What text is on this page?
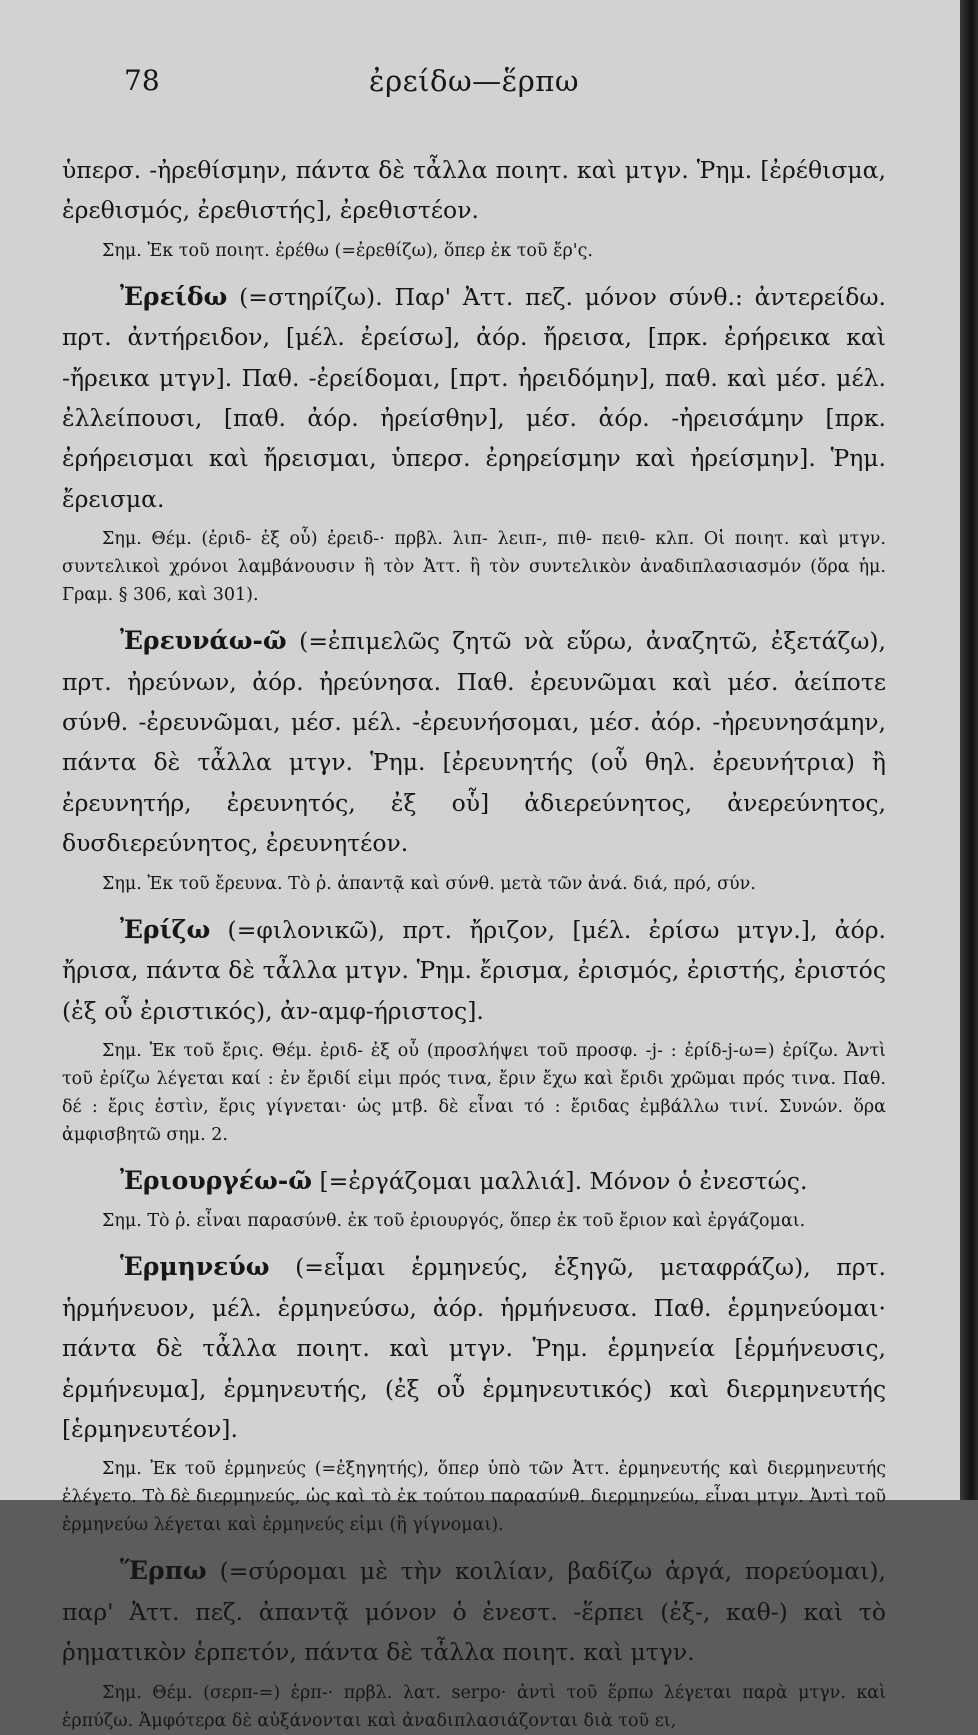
78	ἐρείδω—ἕρπω

ὑπερσ. -ἠρεθίσμην, πάντα δὲ τἆλλα ποιητ. καὶ μτγν. Ῥημ. [ἐρέθισμα, ἐρεθισμός, ἐρεθιστής], ἐρεθιστέον.

Σημ. Ἐκ τοῦ ποιητ. ἐρέθω (=ἐρεθίζω), ὅπερ ἐκ τοῦ ἔρ'ς.

Ἐρείδω (=στηρίζω). Παρ' Ἀττ. πεζ. μόνον σύνθ.: ἀντερείδω. πρτ. ἀντήρειδον, [μέλ. ἐρείσω], ἀόρ. ἤρεισα, [πρκ. ἐρήρεικα καὶ -ἤρεικα μτγν]. Παθ. -ἐρείδομαι, [πρτ. ἠρειδόμην], παθ. καὶ μέσ. μέλ. ἐλλείπουσι, [παθ. ἀόρ. ἠρείσθην], μέσ. ἀόρ. -ἠρεισάμην [πρκ. ἐρήρεισμαι καὶ ἤρεισμαι, ὑπερσ. ἐρηρείσμην καὶ ἠρείσμην]. Ῥημ. ἔρεισμα.

Σημ. Θέμ. (ἐριδ- ἐξ οὗ) ἐρειδ-· πρβλ. λιπ- λειπ-, πιθ- πειθ- κλπ. Οἱ ποιητ. καὶ μτγν. συντελικοὶ χρόνοι λαμβάνουσιν ἢ τὸν Ἀττ. ἢ τὸν συντελικὸν ἀναδιπλασιασμόν (ὅρα ἡμ. Γραμ. § 306, καὶ 301).

Ἐρευνάω-ῶ (=ἐπιμελῶς ζητῶ νὰ εὕρω, ἀναζητῶ, ἐξετάζω), πρτ. ἠρεύνων, ἀόρ. ἠρεύνησα. Παθ. ἐρευνῶμαι καὶ μέσ. ἀείποτε σύνθ. -ἐρευνῶμαι, μέσ. μέλ. -ἐρευνήσομαι, μέσ. ἀόρ. -ἠρευνησάμην, πάντα δὲ τἆλλα μτγν. Ῥημ. [ἐρευνητής (οὗ θηλ. ἐρευνήτρια) ἢ ἐρευνητήρ, ἐρευνητός, ἐξ οὗ] ἀδιερεύνητος, ἀνερεύνητος, δυσδιερεύνητος, ἐρευνητέον.

Σημ. Ἐκ τοῦ ἔρευνα. Τὸ ῥ. ἀπαντᾷ καὶ σύνθ. μετὰ τῶν ἀνά. διά, πρό, σύν.

Ἐρίζω (=φιλονικῶ), πρτ. ἤριζον, [μέλ. ἐρίσω μτγν.], ἀόρ. ἤρισα, πάντα δὲ τἆλλα μτγν. Ῥημ. ἔρισμα, ἐρισμός, ἐριστής, ἐριστός (ἐξ οὗ ἐριστικός), ἀν-αμφ-ήριστος].

Σημ. Ἐκ τοῦ ἔρις. Θέμ. ἐριδ- ἐξ οὗ (προσλήψει τοῦ προσφ. -j- : ἐρίδ-j-ω=) ἐρίζω. Ἀντὶ τοῦ ἐρίζω λέγεται καί : ἐν ἔριδί εἰμι πρός τινα, ἔριν ἔχω καὶ ἔριδι χρῶμαι πρός τινα. Παθ. δέ : ἔρις ἐστὶν, ἔρις γίγνεται· ὡς μτβ. δὲ εἶναι τό : ἔριδας ἐμβάλλω τινί. Συνών. ὅρα ἀμφισβητῶ σημ. 2.

Ἐριουργέω-ῶ [=ἐργάζομαι μαλλιά]. Μόνον ὁ ἐνεστώς.

Σημ. Τὸ ῥ. εἶναι παρασύνθ. ἐκ τοῦ ἐριουργός, ὅπερ ἐκ τοῦ ἔριον καὶ ἐργάζομαι.

Ἑρμηνεύω (=εἶμαι ἑρμηνεύς, ἐξηγῶ, μεταφράζω), πρτ. ἡρμήνευον, μέλ. ἑρμηνεύσω, ἀόρ. ἡρμήνευσα. Παθ. ἑρμηνεύομαι· πάντα δὲ τἆλλα ποιητ. καὶ μτγν. Ῥημ. ἑρμηνεία [ἑρμήνευσις, ἑρμήνευμα], ἑρμηνευτής, (ἐξ οὗ ἑρμηνευτικός) καὶ διερμηνευτής [ἑρμηνευτέον].

Σημ. Ἐκ τοῦ ἑρμηνεύς (=ἐξηγητής), ὅπερ ὑπὸ τῶν Ἀττ. ἑρμηνευτής καὶ διερμηνευτής ἐλέγετο. Τὸ δὲ διερμηνεύς, ὡς καὶ τὸ ἐκ τούτου παρασύνθ. διερμηνεύω, εἶναι μτγν. Ἀντὶ τοῦ ἑρμηνεύω λέγεται καὶ ἑρμηνεύς εἰμι (ἢ γίγνομαι).

Ἕρπω (=σύρομαι μὲ τὴν κοιλίαν, βαδίζω ἀργά, πορεύομαι), παρ' Ἀττ. πεζ. ἀπαντᾷ μόνον ὁ ἐνεστ. -ἕρπει (ἐξ-, καθ-) καὶ τὸ ῥηματικὸν ἑρπετόν, πάντα δὲ τἆλλα ποιητ. καὶ μτγν.

Σημ. Θέμ. (σερπ-=) ἑρπ-· πρβλ. λατ. serpo· ἀντὶ τοῦ ἕρπω λέγεται παρὰ μτγν. καὶ ἑρπύζω. Ἀμφότερα δὲ αὐξάνονται καὶ ἀναδιπλασιάζονται διὰ τοῦ ει,
